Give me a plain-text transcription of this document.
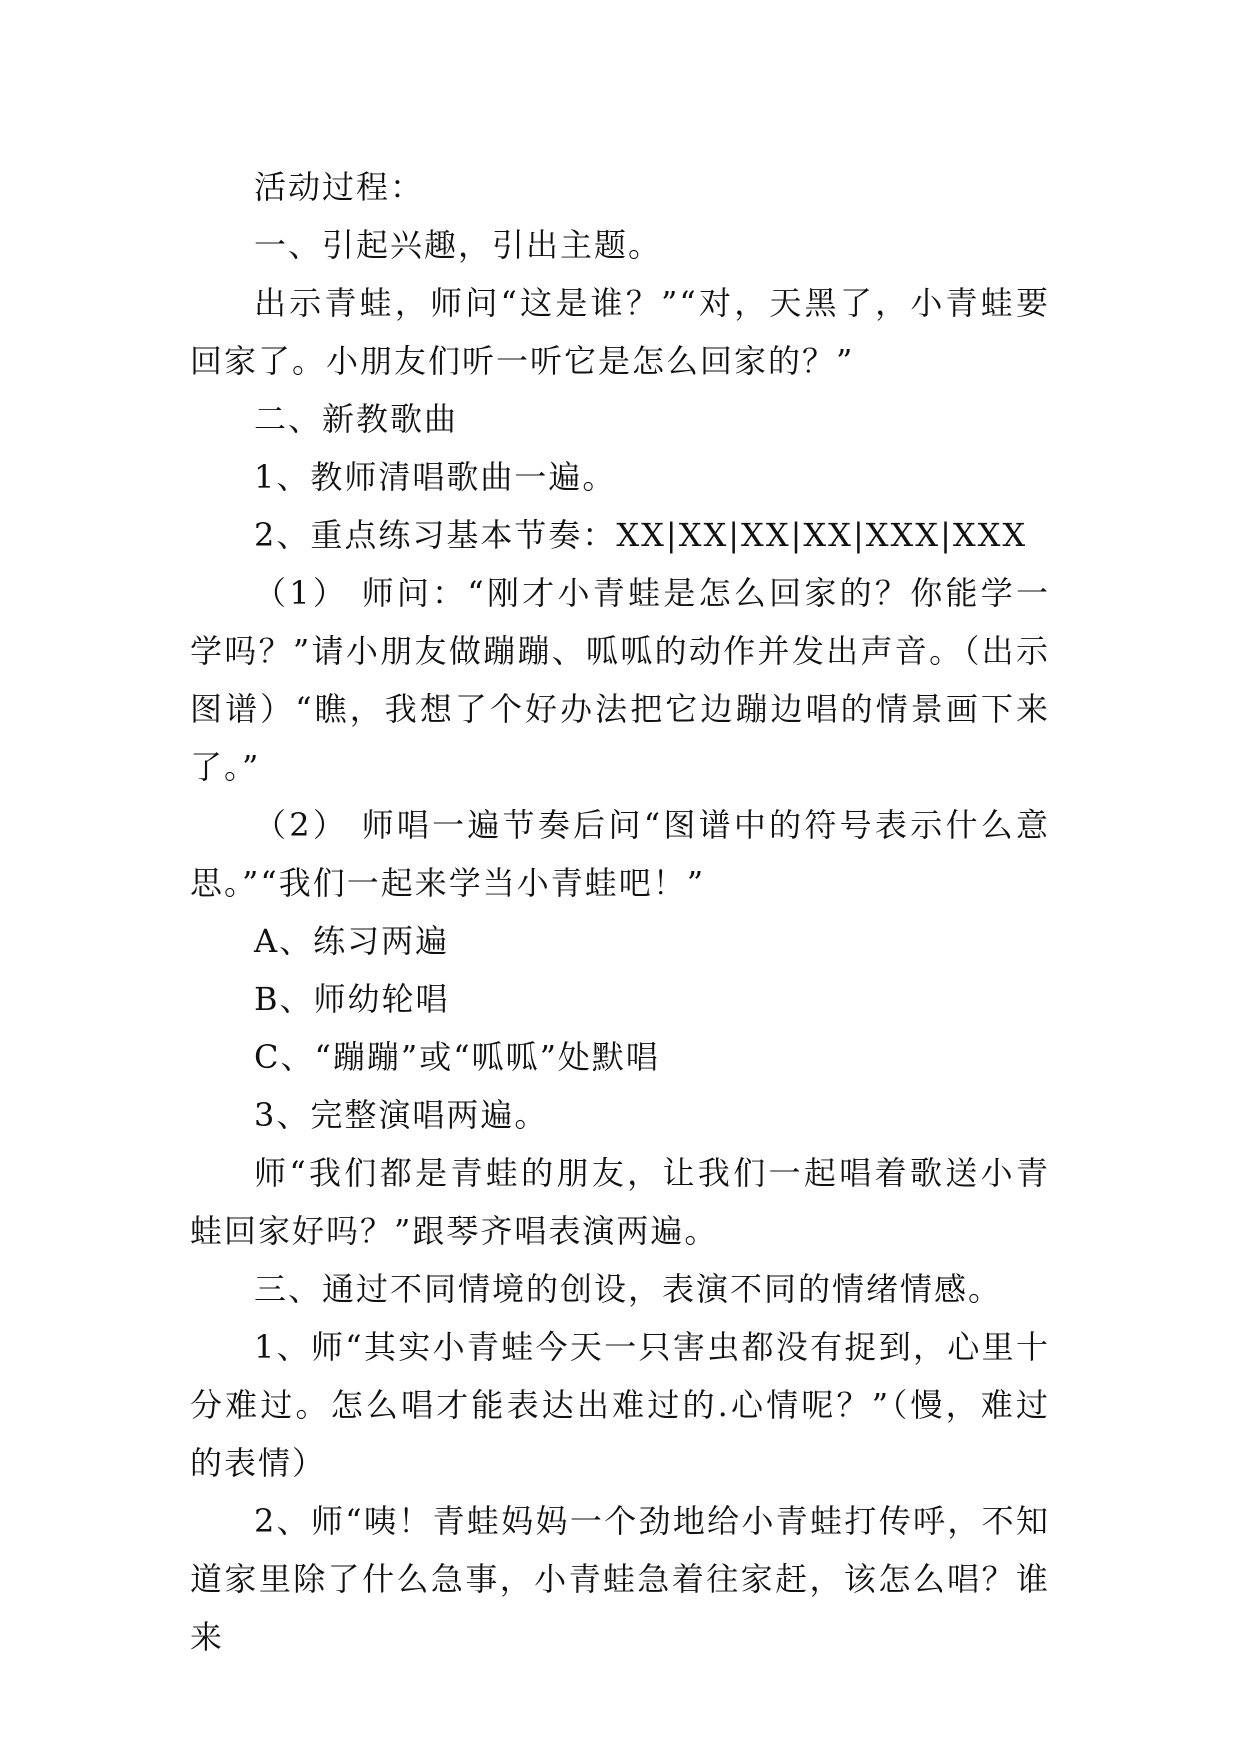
活动过程：

一、引起兴趣，引出主题。

出示青蛙，师问“这是谁？”“对，天黑了，小青蛙要回家了。小朋友们听一听它是怎么回家的？”

二、新教歌曲

1、教师清唱歌曲一遍。

2、重点练习基本节奏：XX|XX|XX|XX|XXX|XXX

（1） 师问：“刚才小青蛙是怎么回家的？你能学一学吗？”请小朋友做蹦蹦、呱呱的动作并发出声音。（出示图谱）“瞧，我想了个好办法把它边蹦边唱的情景画下来了。”

（2） 师唱一遍节奏后问“图谱中的符号表示什么意思。”“我们一起来学当小青蛙吧！”

A、练习两遍

B、师幼轮唱

C、“蹦蹦”或“呱呱”处默唱

3、完整演唱两遍。

师“我们都是青蛙的朋友，让我们一起唱着歌送小青蛙回家好吗？”跟琴齐唱表演两遍。

三、通过不同情境的创设，表演不同的情绪情感。

1、师“其实小青蛙今天一只害虫都没有捉到，心里十分难过。怎么唱才能表达出难过的.心情呢？”（慢，难过的表情）

2、师“咦！青蛙妈妈一个劲地给小青蛙打传呼，不知道家里除了什么急事，小青蛙急着往家赶，该怎么唱？谁来
